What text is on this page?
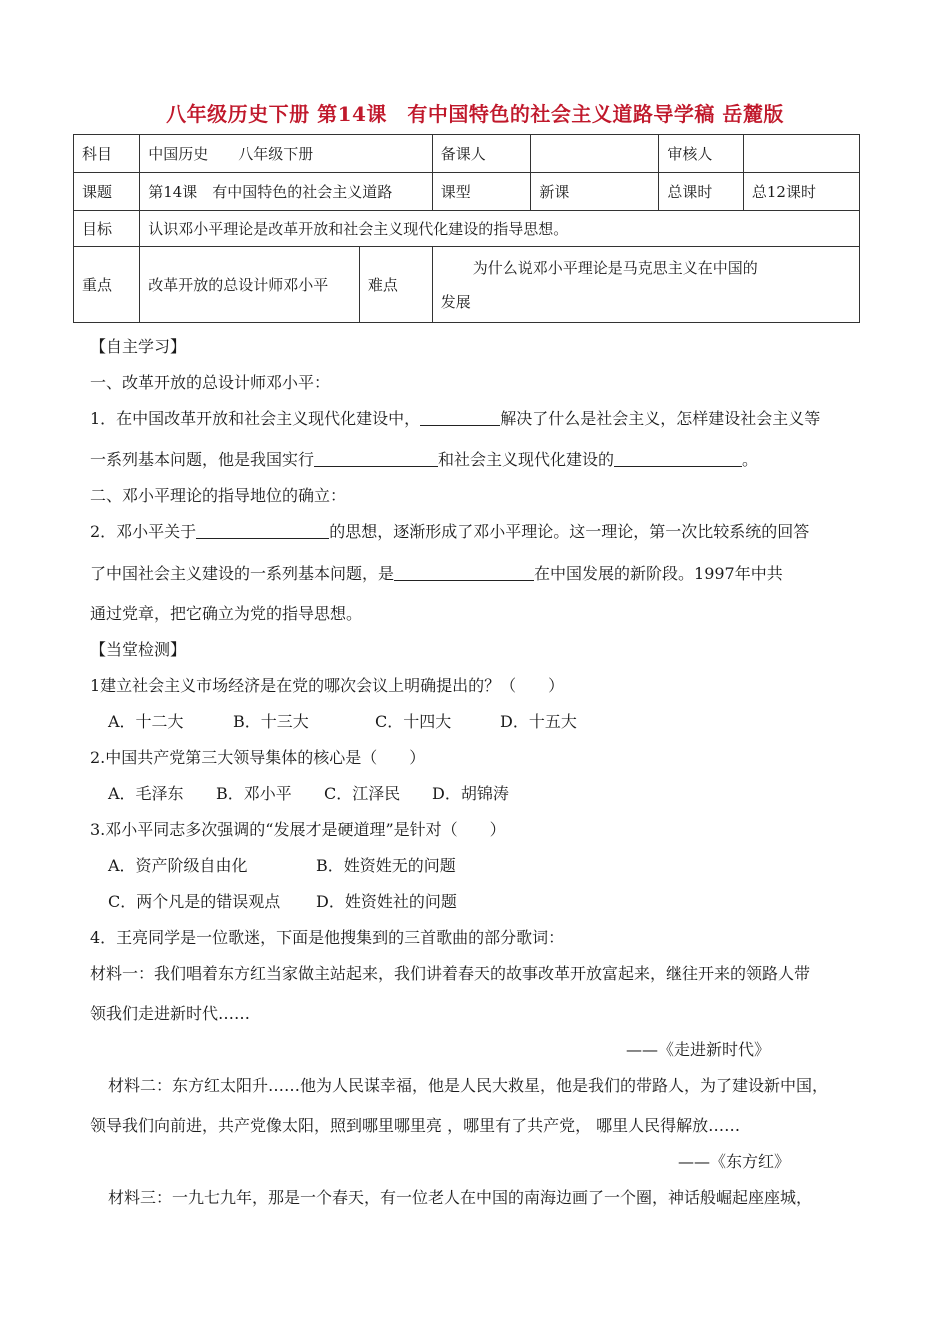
八年级历史下册 第14课　有中国特色的社会主义道路导学稿 岳麓版
科目	中国历史　　八年级下册		备课人		审核人	
课题	第14课　有中国特色的社会主义道路		课型	新课	总课时	总12课时
目标	认识邓小平理论是改革开放和社会主义现代化建设的指导思想。					
重点	改革开放的总设计师邓小平	难点	为什么说邓小平理论是马克思主义在中国的
发展			
【自主学习】
一、改革开放的总设计师邓小平：
1．在中国改革开放和社会主义现代化建设中，	解决了什么是社会主义，怎样建设社会主义等
一系列基本问题，他是我国实行	和社会主义现代化建设的	。
二、邓小平理论的指导地位的确立：
2．邓小平关于	的思想，逐渐形成了邓小平理论。这一理论，第一次比较系统的回答
了中国社会主义建设的一系列基本问题，是	在中国发展的新阶段。1997年中共
通过党章，把它确立为党的指导思想。
【当堂检测】
1建立社会主义市场经济是在党的哪次会议上明确提出的？（　　）
A．十二大	B．十三大	C．十四大	D．十五大
2.中国共产党第三大领导集体的核心是（　　）
A．毛泽东 B．邓小平 C．江泽民 D．胡锦涛
3.邓小平同志多次强调的“发展才是硬道理”是针对（　　）
A．资产阶级自由化	B．姓资姓无的问题
C．两个凡是的错误观点 D．姓资姓社的问题
4．王亮同学是一位歌迷，下面是他搜集到的三首歌曲的部分歌词：
材料一：我们唱着东方红当家做主站起来，我们讲着春天的故事改革开放富起来，继往开来的领路人带
领我们走进新时代……
——《走进新时代》
材料二：东方红太阳升……他为人民谋幸福，他是人民大救星，他是我们的带路人，为了建设新中国，
领导我们向前进，共产党像太阳，照到哪里哪里亮 ，哪里有了共产党， 哪里人民得解放……
——《东方红》
材料三：一九七九年，那是一个春天，有一位老人在中国的南海边画了一个圈，神话般崛起座座城，
